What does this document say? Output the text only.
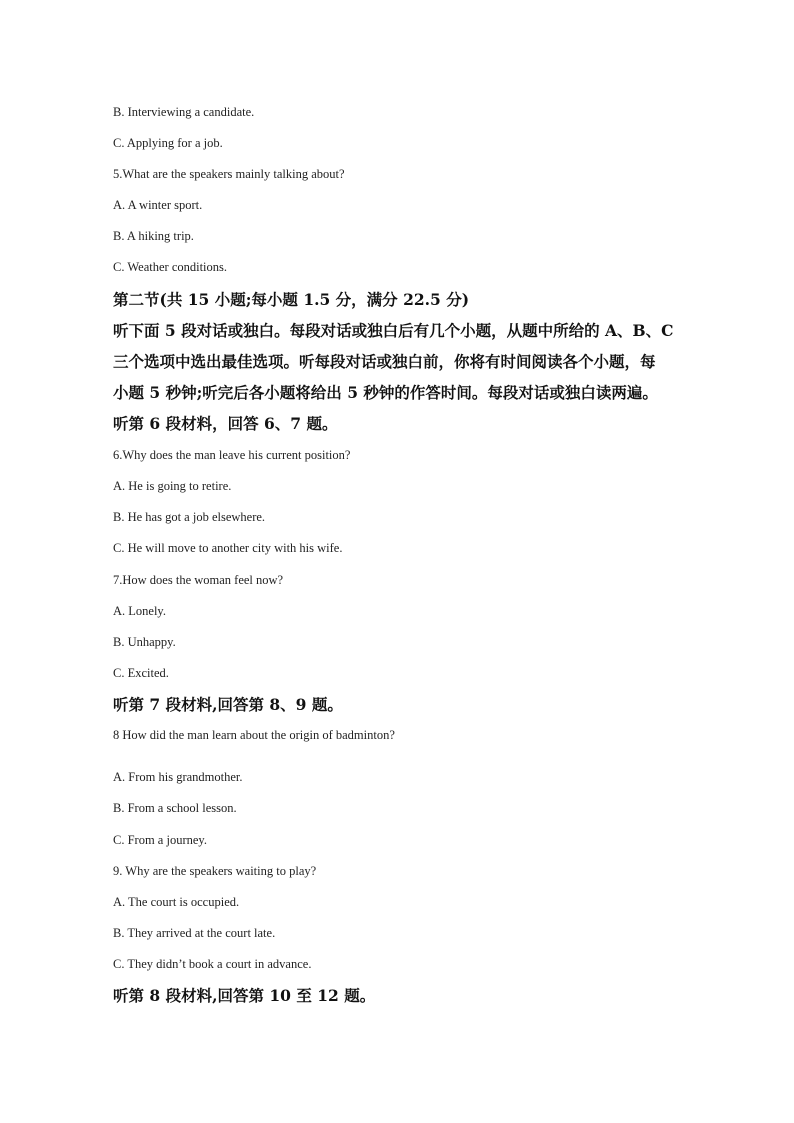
B. Interviewing a candidate.
C. Applying for a job.
5.What are the speakers mainly talking about?
A. A winter sport.
B. A hiking trip.
C. Weather conditions.
第二节(共 15 小题;每小题 1.5 分，满分 22.5 分)
听下面 5 段对话或独白。每段对话或独白后有几个小题，从题中所给的 A、B、C
三个选项中选出最佳选项。听每段对话或独白前，你将有时间阅读各个小题，每
小题 5 秒钟;听完后各小题将给出 5 秒钟的作答时间。每段对话或独白读两遍。
听第 6 段材料，回答 6、7 题。
6.Why does the man leave his current position?
A. He is going to retire.
B. He has got a job elsewhere.
C. He will move to another city with his wife.
7.How does the woman feel now?
A. Lonely.
B. Unhappy.
C. Excited.
听第 7 段材料,回答第 8、9 题。
8 How did the man learn about the origin of badminton?
A. From his grandmother.
B. From a school lesson.
C. From a journey.
9. Why are the speakers waiting to play?
A. The court is occupied.
B. They arrived at the court late.
C. They didn’t book a court in advance.
听第 8 段材料,回答第 10 至 12 题。
